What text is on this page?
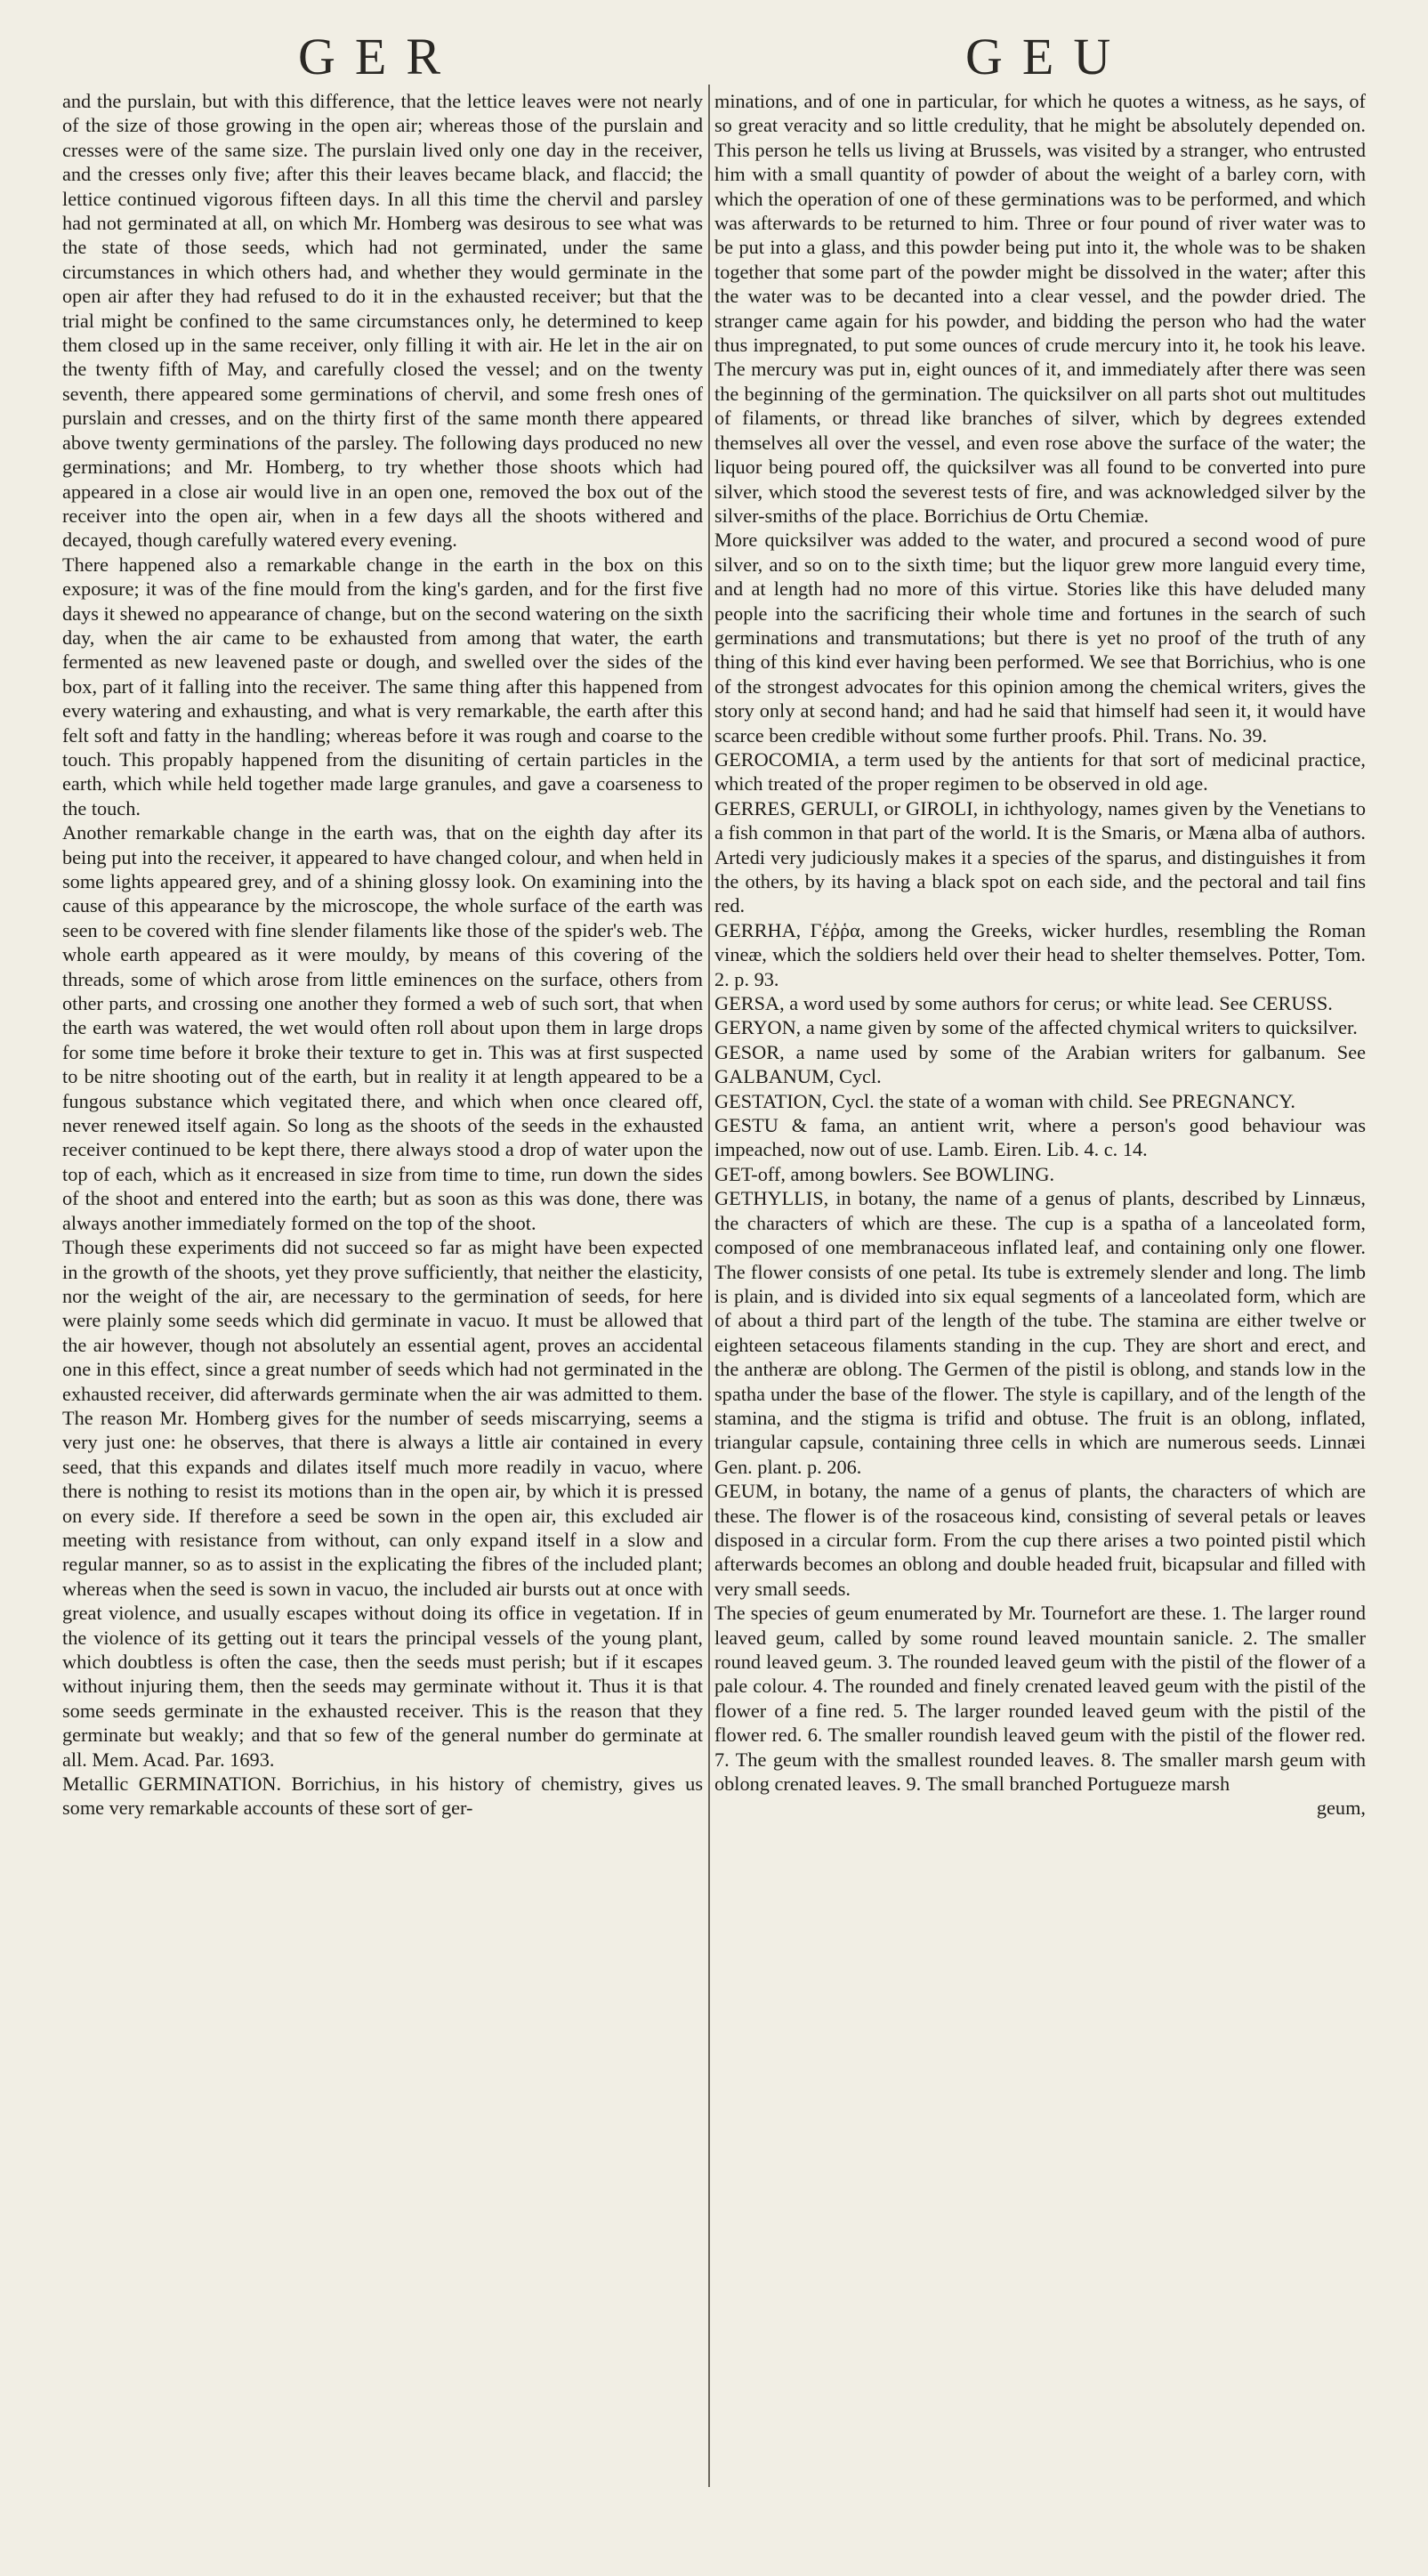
GER	GEU

and the purslain, but with this difference, that the lettice leaves were not nearly of the size of those growing in the open air; whereas those of the purslain and cresses were of the same size. The purslain lived only one day in the receiver, and the cresses only five; after this their leaves became black, and flaccid; the lettice continued vigorous fifteen days. In all this time the chervil and parsley had not germinated at all, on which Mr. Homberg was desirous to see what was the state of those seeds, which had not germinated, under the same circumstances in which others had, and whether they would germinate in the open air after they had refused to do it in the exhausted receiver; but that the trial might be confined to the same circumstances only, he determined to keep them closed up in the same receiver, only filling it with air. He let in the air on the twenty fifth of May, and carefully closed the vessel; and on the twenty seventh, there appeared some germinations of chervil, and some fresh ones of purslain and cresses, and on the thirty first of the same month there appeared above twenty germinations of the parsley. The following days produced no new germinations; and Mr. Homberg, to try whether those shoots which had appeared in a close air would live in an open one, removed the box out of the receiver into the open air, when in a few days all the shoots withered and decayed, though carefully watered every evening.

There happened also a remarkable change in the earth in the box on this exposure; it was of the fine mould from the king's garden, and for the first five days it shewed no appearance of change, but on the second watering on the sixth day, when the air came to be exhausted from among that water, the earth fermented as new leavened paste or dough, and swelled over the sides of the box, part of it falling into the receiver. The same thing after this happened from every watering and exhausting, and what is very remarkable, the earth after this felt soft and fatty in the handling; whereas before it was rough and coarse to the touch. This propably happened from the disuniting of certain particles in the earth, which while held together made large granules, and gave a coarseness to the touch.

Another remarkable change in the earth was, that on the eighth day after its being put into the receiver, it appeared to have changed colour, and when held in some lights appeared grey, and of a shining glossy look. On examining into the cause of this appearance by the microscope, the whole surface of the earth was seen to be covered with fine slender filaments like those of the spider's web. The whole earth appeared as it were mouldy, by means of this covering of the threads, some of which arose from little eminences on the surface, others from other parts, and crossing one another they formed a web of such sort, that when the earth was watered, the wet would often roll about upon them in large drops for some time before it broke their texture to get in. This was at first suspected to be nitre shooting out of the earth, but in reality it at length appeared to be a fungous substance which vegitated there, and which when once cleared off, never renewed itself again. So long as the shoots of the seeds in the exhausted receiver continued to be kept there, there always stood a drop of water upon the top of each, which as it encreased in size from time to time, run down the sides of the shoot and entered into the earth; but as soon as this was done, there was always another immediately formed on the top of the shoot.

Though these experiments did not succeed so far as might have been expected in the growth of the shoots, yet they prove sufficiently, that neither the elasticity, nor the weight of the air, are necessary to the germination of seeds, for here were plainly some seeds which did germinate in vacuo. It must be allowed that the air however, though not absolutely an essential agent, proves an accidental one in this effect, since a great number of seeds which had not germinated in the exhausted receiver, did afterwards germinate when the air was admitted to them. The reason Mr. Homberg gives for the number of seeds miscarrying, seems a very just one: he observes, that there is always a little air contained in every seed, that this expands and dilates itself much more readily in vacuo, where there is nothing to resist its motions than in the open air, by which it is pressed on every side. If therefore a seed be sown in the open air, this excluded air meeting with resistance from without, can only expand itself in a slow and regular manner, so as to assist in the explicating the fibres of the included plant; whereas when the seed is sown in vacuo, the included air bursts out at once with great violence, and usually escapes without doing its office in vegetation. If in the violence of its getting out it tears the principal vessels of the young plant, which doubtless is often the case, then the seeds must perish; but if it escapes without injuring them, then the seeds may germinate without it. Thus it is that some seeds germinate in the exhausted receiver. This is the reason that they germinate but weakly; and that so few of the general number do germinate at all. Mem. Acad. Par. 1693.

Metallic GERMINATION. Borrichius, in his history of chemistry, gives us some very remarkable accounts of these sort of ger-

minations, and of one in particular, for which he quotes a witness, as he says, of so great veracity and so little credulity, that he might be absolutely depended on. This person he tells us living at Brussels, was visited by a stranger, who entrusted him with a small quantity of powder of about the weight of a barley corn, with which the operation of one of these germinations was to be performed, and which was afterwards to be returned to him. Three or four pound of river water was to be put into a glass, and this powder being put into it, the whole was to be shaken together that some part of the powder might be dissolved in the water; after this the water was to be decanted into a clear vessel, and the powder dried. The stranger came again for his powder, and bidding the person who had the water thus impregnated, to put some ounces of crude mercury into it, he took his leave. The mercury was put in, eight ounces of it, and immediately after there was seen the beginning of the germination. The quicksilver on all parts shot out multitudes of filaments, or thread like branches of silver, which by degrees extended themselves all over the vessel, and even rose above the surface of the water; the liquor being poured off, the quicksilver was all found to be converted into pure silver, which stood the severest tests of fire, and was acknowledged silver by the silver-smiths of the place. Borrichius de Ortu Chemiæ.

More quicksilver was added to the water, and procured a second wood of pure silver, and so on to the sixth time; but the liquor grew more languid every time, and at length had no more of this virtue. Stories like this have deluded many people into the sacrificing their whole time and fortunes in the search of such germinations and transmutations; but there is yet no proof of the truth of any thing of this kind ever having been performed. We see that Borrichius, who is one of the strongest advocates for this opinion among the chemical writers, gives the story only at second hand; and had he said that himself had seen it, it would have scarce been credible without some further proofs. Phil. Trans. No. 39.

GEROCOMIA, a term used by the antients for that sort of medicinal practice, which treated of the proper regimen to be observed in old age.

GERRES, GERULI, or GIROLI, in ichthyology, names given by the Venetians to a fish common in that part of the world. It is the Smaris, or Mæna alba of authors. Artedi very judiciously makes it a species of the sparus, and distinguishes it from the others, by its having a black spot on each side, and the pectoral and tail fins red.

GERRHA, Γέῤῥα, among the Greeks, wicker hurdles, resembling the Roman vineæ, which the soldiers held over their head to shelter themselves. Potter, Tom. 2. p. 93.

GERSA, a word used by some authors for cerus; or white lead. See CERUSS.

GERYON, a name given by some of the affected chymical writers to quicksilver.

GESOR, a name used by some of the Arabian writers for galbanum. See GALBANUM, Cycl.

GESTATION, Cycl. the state of a woman with child. See PREGNANCY.

GESTU & fama, an antient writ, where a person's good behaviour was impeached, now out of use. Lamb. Eiren. Lib. 4. c. 14.

GET-off, among bowlers. See BOWLING.

GETHYLLIS, in botany, the name of a genus of plants, described by Linnæus, the characters of which are these. The cup is a spatha of a lanceolated form, composed of one membranaceous inflated leaf, and containing only one flower. The flower consists of one petal. Its tube is extremely slender and long. The limb is plain, and is divided into six equal segments of a lanceolated form, which are of about a third part of the length of the tube. The stamina are either twelve or eighteen setaceous filaments standing in the cup. They are short and erect, and the antheræ are oblong. The Germen of the pistil is oblong, and stands low in the spatha under the base of the flower. The style is capillary, and of the length of the stamina, and the stigma is trifid and obtuse. The fruit is an oblong, inflated, triangular capsule, containing three cells in which are numerous seeds. Linnæi Gen. plant. p. 206.

GEUM, in botany, the name of a genus of plants, the characters of which are these. The flower is of the rosaceous kind, consisting of several petals or leaves disposed in a circular form. From the cup there arises a two pointed pistil which afterwards becomes an oblong and double headed fruit, bicapsular and filled with very small seeds.

The species of geum enumerated by Mr. Tournefort are these. 1. The larger round leaved geum, called by some round leaved mountain sanicle. 2. The smaller round leaved geum. 3. The rounded leaved geum with the pistil of the flower of a pale colour. 4. The rounded and finely crenated leaved geum with the pistil of the flower of a fine red. 5. The larger rounded leaved geum with the pistil of the flower red. 6. The smaller roundish leaved geum with the pistil of the flower red. 7. The geum with the smallest rounded leaves. 8. The smaller marsh geum with oblong crenated leaves. 9. The small branched Portugueze marsh

geum,
